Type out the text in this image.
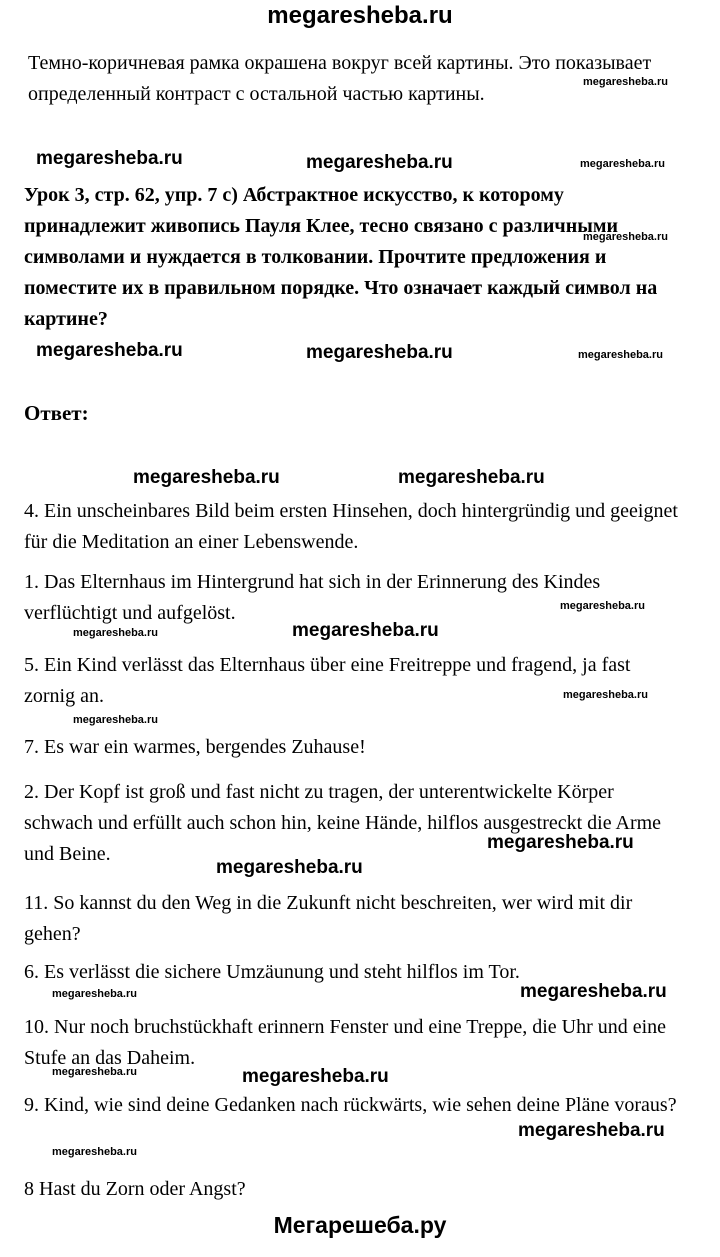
megaresheba.ru

Темно-коричневая рамка окрашена вокруг всей картины. Это показывает определенный контраст с остальной частью картины.

megaresheba.ru
megaresheba.ru	megaresheba.ru	megaresheba.ru

Урок 3, стр. 62, упр. 7 с) Абстрактное искусство, к которому принадлежит живопись Пауля Клее, тесно связано с различными символами и нуждается в толковании. Прочтите предложения и поместите их в правильном порядке. Что означает каждый символ на картине?

megaresheba.ru
megaresheba.ru	megaresheba.ru	megaresheba.ru

Ответ:

megaresheba.ru	megaresheba.ru

4. Ein unscheinbares Bild beim ersten Hinsehen, doch hintergründig und geeignet für die Meditation an einer Lebenswende.

1. Das Elternhaus im Hintergrund hat sich in der Erinnerung des Kindes verflüchtigt und aufgelöst.	megaresheba.ru
megaresheba.ru	megaresheba.ru

5. Ein Kind verlässt das Elternhaus über eine Freitreppe und fragend, ja fast zornig an.	megaresheba.ru
megaresheba.ru

7. Es war ein warmes, bergendes Zuhause!

2. Der Kopf ist groß und fast nicht zu tragen, der unterentwickelte Körper schwach und erfüllt auch schon hin, keine Hände, hilflos ausgestreckt die Arme und Beine.

megaresheba.ru
megaresheba.ru

11. So kannst du den Weg in die Zukunft nicht beschreiten, wer wird mit dir gehen?

6. Es verlässt die sichere Umzäunung und steht hilflos im Tor.

megaresheba.ru
megaresheba.ru

10. Nur noch bruchstückhaft erinnern Fenster und eine Treppe, die Uhr und eine Stufe an das Daheim.

megaresheba.ru	megaresheba.ru

9. Kind, wie sind deine Gedanken nach rückwärts, wie sehen deine Pläne voraus?

megaresheba.ru
megaresheba.ru

8 Hast du Zorn oder Angst?

Мегарешеба.ру
